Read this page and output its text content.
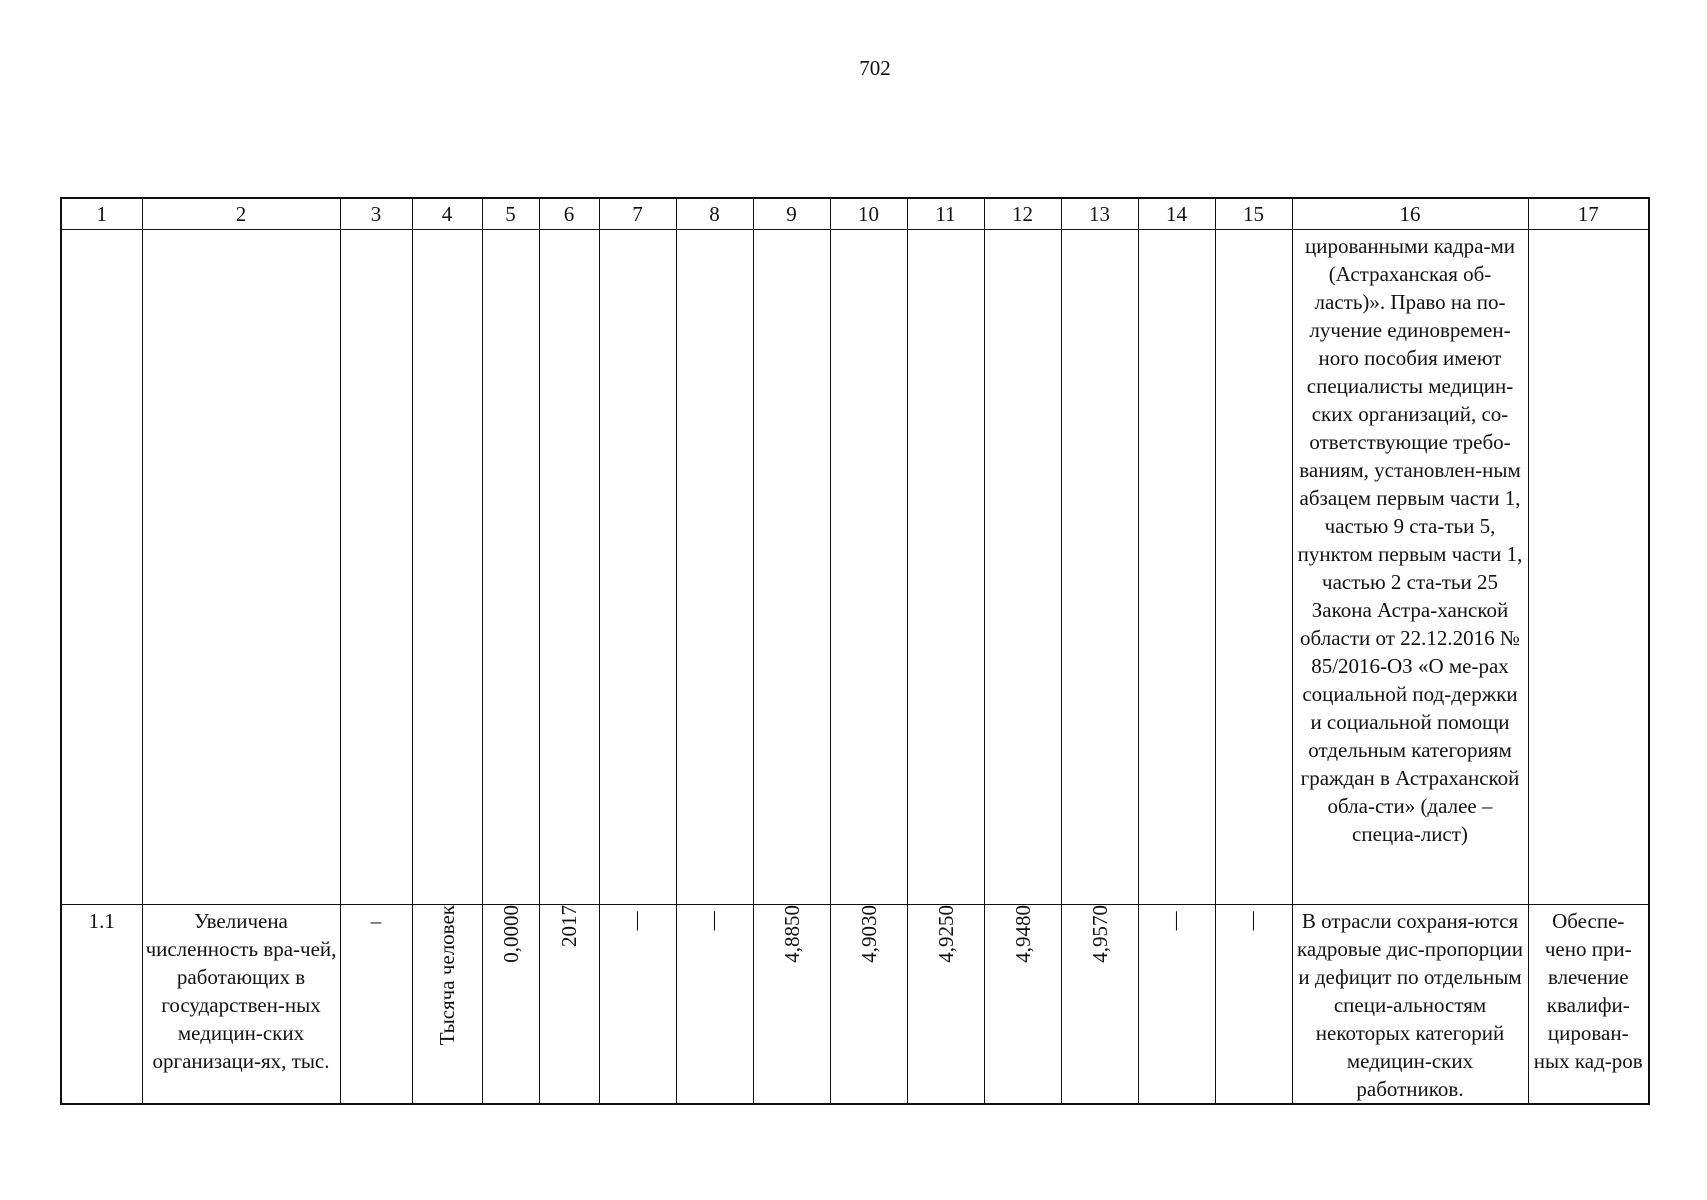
702
1	2	3	4	5	6	7	8	9	10	11	12	13	14	15	16	17

															цированными кадра-ми (Астраханская об-ласть)». Право на по-лучение единовремен-ного пособия имеют специалисты медицин-ских организаций, со-ответствующие требо-ваниям, установлен-ным абзацем первым части 1, частью 9 ста-тьи 5, пунктом первым части 1, частью 2 ста-тьи 25 Закона Астра-ханской области от 22.12.2016 № 85/2016-ОЗ «О ме-рах социальной под-держки и социальной помощи отдельным категориям граждан в Астраханской обла-сти» (далее – специа-лист)	

1.1	Увеличена численность вра-чей, работающих в государствен-ных медицин-ских организаци-ях, тыс.	–	Тысяча человек	0,0000	2017	|	|	4,8850	4,9030	4,9250	4,9480	4,9570	|	|	В отрасли сохраня-ются кадровые дис-пропорции и дефицит по отдельным специ-альностям некоторых категорий медицин-ских работников.	Обеспе-чено при-влечение квалифи-цирован-ных кад-ров
